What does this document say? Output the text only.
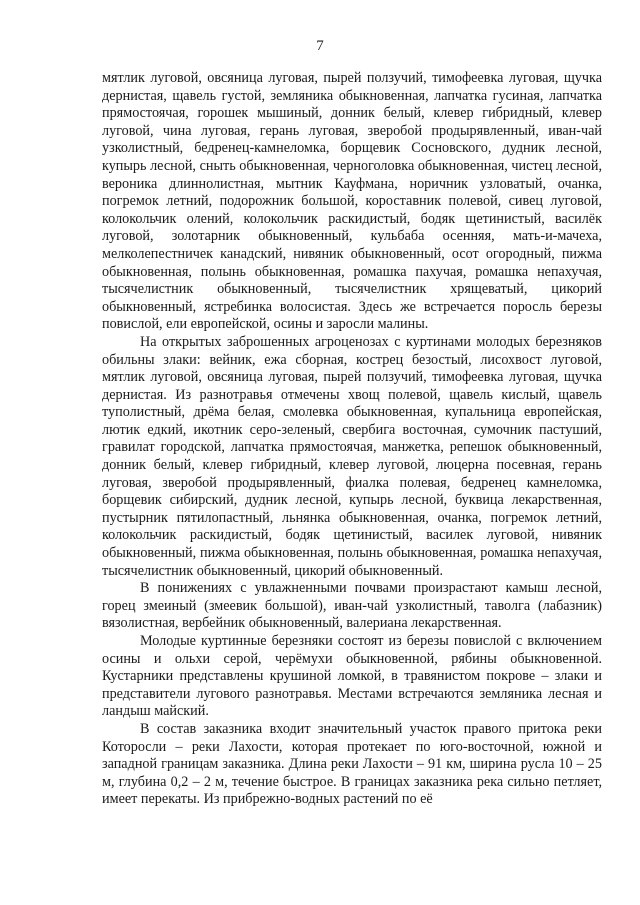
7

мятлик луговой, овсяница луговая, пырей ползучий, тимофеевка луговая, щучка дернистая, щавель густой, земляника обыкновенная, лапчатка гусиная, лапчатка прямостоячая, горошек мышиный, донник белый, клевер гибридный, клевер луговой, чина луговая, герань луговая, зверобой продырявленный, иван-чай узколистный, бедренец-камнеломка, борщевик Сосновского, дудник лесной, купырь лесной, сныть обыкновенная, черноголовка обыкновенная, чистец лесной, вероника длиннолистная, мытник Кауфмана, норичник узловатый, очанка, погремок летний, подорожник большой, короставник полевой, сивец луговой, колокольчик олений, колокольчик раскидистый, бодяк щетинистый, василёк луговой, золотарник обыкновенный, кульбаба осенняя, мать-и-мачеха, мелколепестничек канадский, нивяник обыкновенный, осот огородный, пижма обыкновенная, полынь обыкновенная, ромашка пахучая, ромашка непахучая, тысячелистник обыкновенный, тысячелистник хрящеватый, цикорий обыкновенный, ястребинка волосистая. Здесь же встречается поросль березы повислой, ели европейской, осины и заросли малины.

На открытых заброшенных агроценозах с куртинами молодых березняков обильны злаки: вейник, ежа сборная, кострец безостый, лисохвост луговой, мятлик луговой, овсяница луговая, пырей ползучий, тимофеевка луговая, щучка дернистая. Из разнотравья отмечены хвощ полевой, щавель кислый, щавель туполистный, дрёма белая, смолевка обыкновенная, купальница европейская, лютик едкий, икотник серо-зеленый, свербига восточная, сумочник пастуший, гравилат городской, лапчатка прямостоячая, манжетка, репешок обыкновенный, донник белый, клевер гибридный, клевер луговой, люцерна посевная, герань луговая, зверобой продырявленный, фиалка полевая, бедренец камнеломка, борщевик сибирский, дудник лесной, купырь лесной, буквица лекарственная, пустырник пятилопастный, льнянка обыкновенная, очанка, погремок летний, колокольчик раскидистый, бодяк щетинистый, василек луговой, нивяник обыкновенный, пижма обыкновенная, полынь обыкновенная, ромашка непахучая, тысячелистник обыкновенный, цикорий обыкновенный.

В понижениях с увлажненными почвами произрастают камыш лесной, горец змеиный (змеевик большой), иван-чай узколистный, таволга (лабазник) вязолистная, вербейник обыкновенный, валериана лекарственная.

Молодые куртинные березняки состоят из березы повислой с включением осины и ольхи серой, черёмухи обыкновенной, рябины обыкновенной. Кустарники представлены крушиной ломкой, в травянистом покрове – злаки и представители лугового разнотравья. Местами встречаются земляника лесная и ландыш майский.

В состав заказника входит значительный участок правого притока реки Которосли – реки Лахости, которая протекает по юго-восточной, южной и западной границам заказника. Длина реки Лахости – 91 км, ширина русла 10 – 25 м, глубина 0,2 – 2 м, течение быстрое. В границах заказника река сильно петляет, имеет перекаты. Из прибрежно-водных растений по её
